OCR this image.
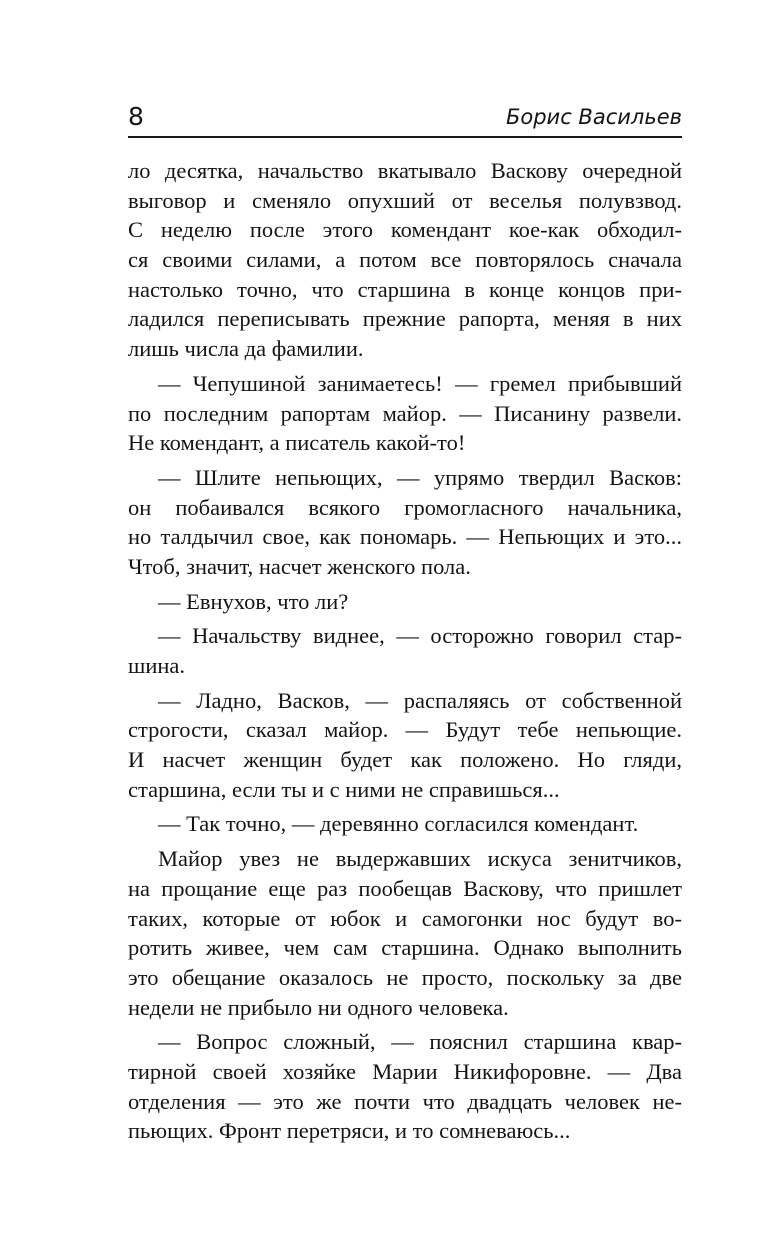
8	Борис Васильев
ло десятка, начальство вкатывало Васкову очередной
выговор и сменяло опухший от веселья полувзвод.
С неделю после этого комендант кое-как обходил-
ся своими силами, а потом все повторялось сначала
настолько точно, что старшина в конце концов при-
ладился переписывать прежние рапорта, меняя в них
лишь числа да фамилии.
— Чепушиной занимаетесь! — гремел прибывший
по последним рапортам майор. — Писанину развели.
Не комендант, а писатель какой-то!
— Шлите непьющих, — упрямо твердил Васков:
он побаивался всякого громогласного начальника,
но талдычил свое, как пономарь. — Непьющих и это...
Чтоб, значит, насчет женского пола.
— Евнухов, что ли?
— Начальству виднее, — осторожно говорил стар-
шина.
— Ладно, Васков, — распаляясь от собственной
строгости, сказал майор. — Будут тебе непьющие.
И насчет женщин будет как положено. Но гляди,
старшина, если ты и с ними не справишься...
— Так точно, — деревянно согласился комендант.
Майор увез не выдержавших искуса зенитчиков,
на прощание еще раз пообещав Васкову, что пришлет
таких, которые от юбок и самогонки нос будут во-
ротить живее, чем сам старшина. Однако выполнить
это обещание оказалось не просто, поскольку за две
недели не прибыло ни одного человека.
— Вопрос сложный, — пояснил старшина квар-
тирной своей хозяйке Марии Никифоровне. — Два
отделения — это же почти что двадцать человек не-
пьющих. Фронт перетряси, и то сомневаюсь...
